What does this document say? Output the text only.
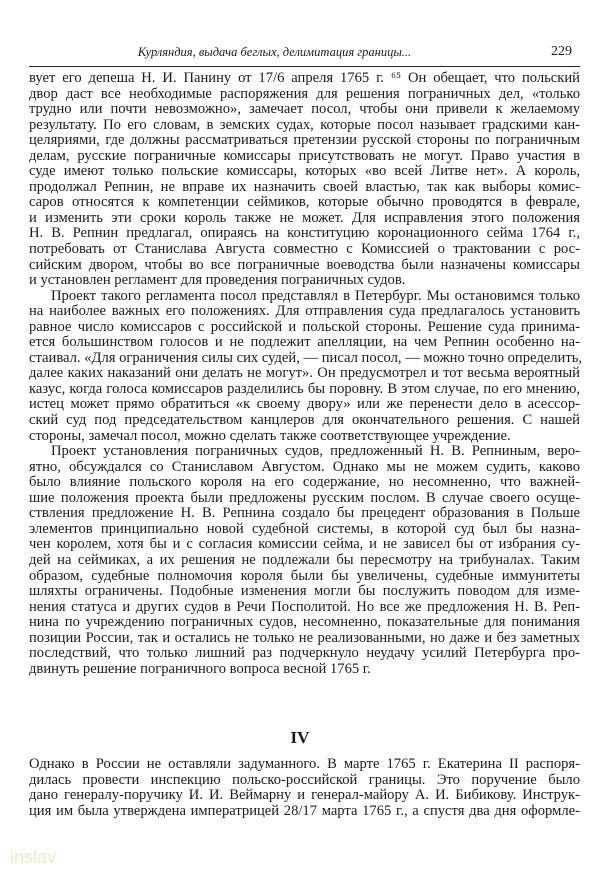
Курляндия, выдача беглых, делимитация границы...	229
вует его депеша Н. И. Панину от 17/6 апреля 1765 г. ⁶⁵ Он обещает, что польский
двор даст все необходимые распоряжения для решения пограничных дел, «только
трудно или почти невозможно», замечает посол, чтобы они привели к желаемому
результату. По его словам, в земских судах, которые посол называет градскими кан-
целяриями, где должны рассматриваться претензии русской стороны по пограничным
делам, русские пограничные комиссары присутствовать не могут. Право участия в
суде имеют только польские комиссары, которых «во всей Литве нет». А король,
продолжал Репнин, не вправе их назначить своей властью, так как выборы комис-
саров относятся к компетенции сеймиков, которые обычно проводятся в феврале,
и изменить эти сроки король также не может. Для исправления этого положения
Н. В. Репнин предлагал, опираясь на конституцию коронационного сейма 1764 г.,
потребовать от Станислава Августа совместно с Комиссией о трактовании с рос-
сийским двором, чтобы во все пограничные воеводства были назначены комиссары
и установлен регламент для проведения пограничных судов.
Проект такого регламента посол представлял в Петербург. Мы остановимся только
на наиболее важных его положениях. Для отправления суда предлагалось установить
равное число комиссаров с российской и польской стороны. Решение суда принима-
ется большинством голосов и не подлежит апелляции, на чем Репнин особенно на-
стаивал. «Для ограничения силы сих судей, — писал посол, — можно точно определить,
далее каких наказаний они делать не могут». Он предусмотрел и тот весьма вероятный
казус, когда голоса комиссаров разделились бы поровну. В этом случае, по его мнению,
истец может прямо обратиться «к своему двору» или же перенести дело в асессор-
ский суд под председательством канцлеров для окончательного решения. С нашей
стороны, замечал посол, можно сделать также соответствующее учреждение.
Проект установления пограничных судов, предложенный Н. В. Репниным, веро-
ятно, обсуждался со Станиславом Августом. Однако мы не можем судить, каково
было влияние польского короля на его содержание, но несомненно, что важней-
шие положения проекта были предложены русским послом. В случае своего осуще-
ствления предложение Н. В. Репнина создало бы прецедент образования в Польше
элементов принципиально новой судебной системы, в которой суд был бы назна-
чен королем, хотя бы и с согласия комиссии сейма, и не зависел бы от избрания су-
дей на сеймиках, а их решения не подлежали бы пересмотру на трибуналах. Таким
образом, судебные полномочия короля были бы увеличены, судебные иммунитеты
шляхты ограничены. Подобные изменения могли бы послужить поводом для изме-
нения статуса и других судов в Речи Посполитой. Но все же предложения Н. В. Реп-
нина по учреждению пограничных судов, несомненно, показательные для понимания
позиции России, так и остались не только не реализованными, но даже и без заметных
последствий, что только лишний раз подчеркнуло неудачу усилий Петербурга про-
двинуть решение пограничного вопроса весной 1765 г.
IV
Однако в России не оставляли задуманного. В марте 1765 г. Екатерина II распоря-
дилась провести инспекцию польско-российской границы. Это поручение было
дано генералу-поручику И. И. Веймарну и генерал-майору А. И. Бибикову. Инструк-
ция им была утверждена императрицей 28/17 марта 1765 г., а спустя два дня оформле-
inslav
